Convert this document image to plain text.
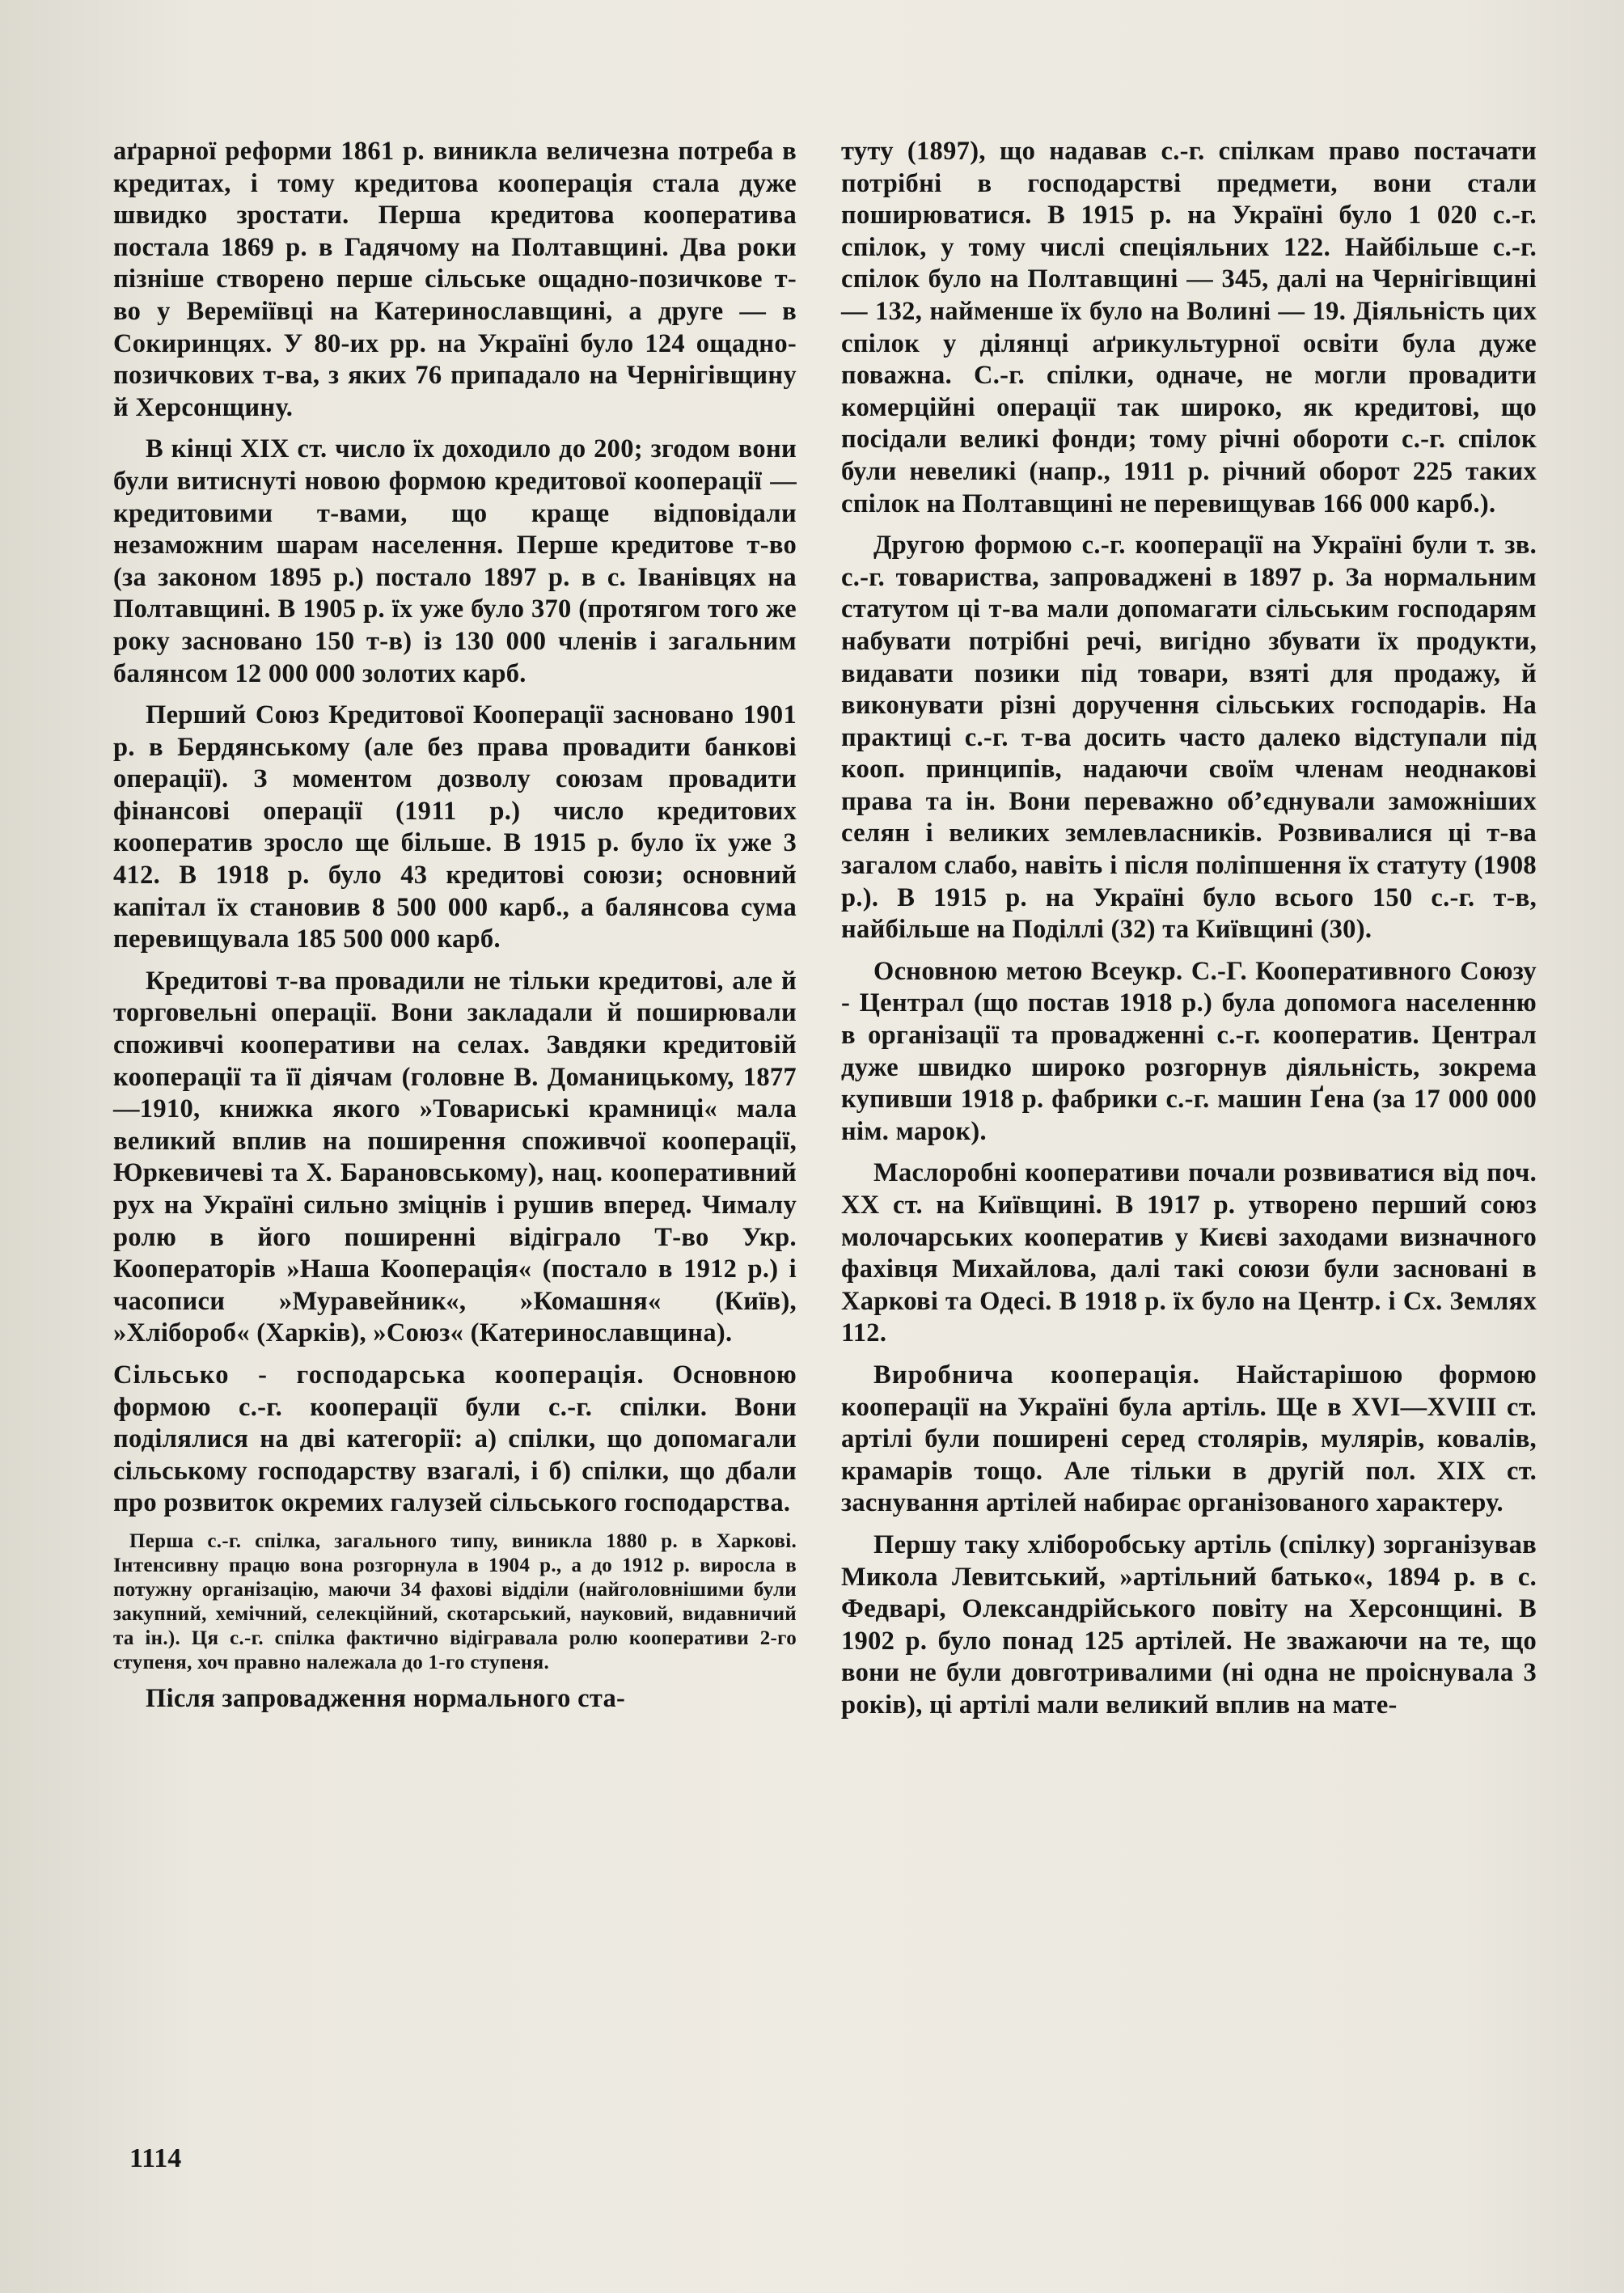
аґрарної реформи 1861 р. виникла величезна потреба в кредитах, і тому кредитова кооперація стала дуже швидко зростати. Перша кредитова кооператива постала 1869 р. в Гадячому на Полтавщині. Два роки пізніше створено перше сільське ощадно-позичкове т-во у Вереміївці на Катеринославщині, а друге — в Сокиринцях. У 80-их рр. на Україні було 124 ощадно-позичкових т-ва, з яких 76 припадало на Чернігівщину й Херсонщину.

В кінці XIX ст. число їх доходило до 200; згодом вони були витиснуті новою формою кредитової кооперації — кредитовими т-вами, що краще відповідали незаможним шарам населення. Перше кредитове т-во (за законом 1895 р.) постало 1897 р. в с. Іванівцях на Полтавщині. В 1905 р. їх уже було 370 (протягом того же року засновано 150 т-в) із 130 000 членів і загальним балянсом 12 000 000 золотих карб.

Перший Союз Кредитової Кооперації засновано 1901 р. в Бердянському (але без права провадити банкові операції). З моментом дозволу союзам провадити фінансові операції (1911 р.) число кредитових кооператив зросло ще більше. В 1915 р. було їх уже 3 412. В 1918 р. було 43 кредитові союзи; основний капітал їх становив 8 500 000 карб., а балянсова сума перевищувала 185 500 000 карб.

Кредитові т-ва провадили не тільки кредитові, але й торговельні операції. Вони закладали й поширювали споживчі кооперативи на селах. Завдяки кредитовій кооперації та її діячам (головне В. Доманицькому, 1877—1910, книжка якого »Товариські крамниці« мала великий вплив на поширення споживчої кооперації, Юркевичеві та Х. Барановському), нац. кооперативний рух на Україні сильно зміцнів і рушив вперед. Чималу ролю в його поширенні відіграло Т-во Укр. Кооператорів »Наша Кооперація« (постало в 1912 р.) і часописи »Муравейник«, »Комашня« (Київ), »Хлібороб« (Харків), »Союз« (Катеринославщина).

Сільсько - господарська кооперація. Основною формою с.-г. кооперації були с.-г. спілки. Вони поділялися на дві категорії: а) спілки, що допомагали сільському господарству взагалі, і б) спілки, що дбали про розвиток окремих галузей сільського господарства.

Перша с.-г. спілка, загального типу, виникла 1880 р. в Харкові. Інтенсивну працю вона розгорнула в 1904 р., а до 1912 р. виросла в потужну організацію, маючи 34 фахові відділи (найголовнішими були закупний, хемічний, селекційний, скотарський, науковий, видавничий та ін.). Ця с.-г. спілка фактично відігравала ролю кооперативи 2-го ступеня, хоч правно належала до 1-го ступеня.

Після запровадження нормального ста-

туту (1897), що надавав с.-г. спілкам право постачати потрібні в господарстві предмети, вони стали поширюватися. В 1915 р. на Україні було 1 020 с.-г. спілок, у тому числі спеціяльних 122. Найбільше с.-г. спілок було на Полтавщині — 345, далі на Чернігівщині — 132, найменше їх було на Волині — 19. Діяльність цих спілок у ділянці аґрикультурної освіти була дуже поважна. С.-г. спілки, одначе, не могли провадити комерційні операції так широко, як кредитові, що посідали великі фонди; тому річні обороти с.-г. спілок були невеликі (напр., 1911 р. річний оборот 225 таких спілок на Полтавщині не перевищував 166 000 карб.).

Другою формою с.-г. кооперації на Україні були т. зв. с.-г. товариства, запроваджені в 1897 р. За нормальним статутом ці т-ва мали допомагати сільським господарям набувати потрібні речі, вигідно збувати їх продукти, видавати позики під товари, взяті для продажу, й виконувати різні доручення сільських господарів. На практиці с.-г. т-ва досить часто далеко відступали під кооп. принципів, надаючи своїм членам неоднакові права та ін. Вони переважно об’єднували заможніших селян і великих землевласників. Розвивалися ці т-ва загалом слабо, навіть і після поліпшення їх статуту (1908 р.). В 1915 р. на Україні було всього 150 с.-г. т-в, найбільше на Поділлі (32) та Київщині (30).

Основною метою Всеукр. С.-Г. Кооперативного Союзу - Централ (що постав 1918 р.) була допомога населенню в організації та провадженні с.-г. кооператив. Централ дуже швидко широко розгорнув діяльність, зокрема купивши 1918 р. фабрики с.-г. машин Ґена (за 17 000 000 нім. марок).

Маслоробні кооперативи почали розвиватися від поч. XX ст. на Київщині. В 1917 р. утворено перший союз молочарських кооператив у Києві заходами визначного фахівця Михайлова, далі такі союзи були засновані в Харкові та Одесі. В 1918 р. їх було на Центр. і Сх. Землях 112.

Виробнича кооперація. Найстарішою формою кооперації на Україні була артіль. Ще в XVI—XVIII ст. артілі були поширені серед столярів, мулярів, ковалів, крамарів тощо. Але тільки в другій пол. XIX ст. заснування артілей набирає організованого характеру.

Першу таку хліборобську артіль (спілку) зорганізував Микола Левитський, »артільний батько«, 1894 р. в с. Федварі, Олександрійського повіту на Херсонщині. В 1902 р. було понад 125 артілей. Не зважаючи на те, що вони не були довготривалими (ні одна не проіснувала 3 років), ці артілі мали великий вплив на мате-

1114
